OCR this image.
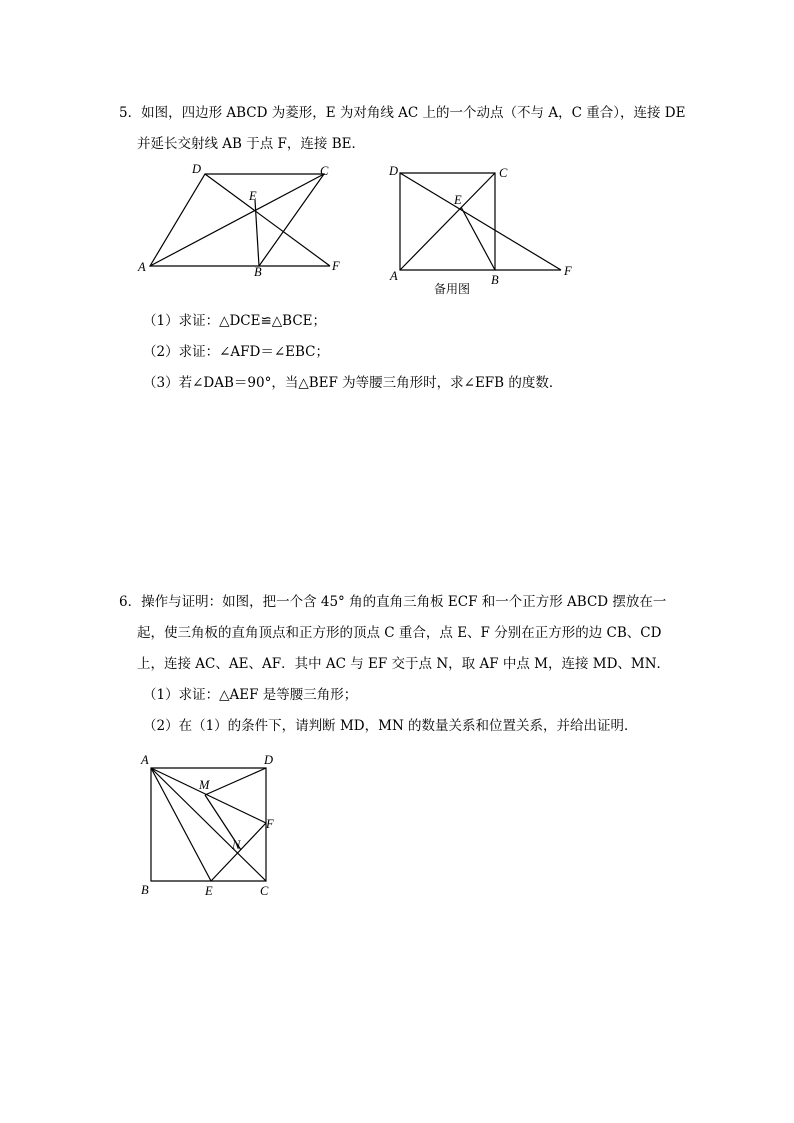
5．如图，四边形 ABCD 为菱形，E 为对角线 AC 上的一个动点（不与 A，C 重合），连接 DE
并延长交射线 AB 于点 F，连接 BE．
A	B
C
D
E
F
A	B
C
D
E
F
备用图
（1）求证：△DCE≌△BCE；
（2）求证：∠AFD＝∠EBC；
（3）若∠DAB＝90°，当△BEF 为等腰三角形时，求∠EFB 的度数．
6．操作与证明：如图，把一个含 45° 角的直角三角板 ECF 和一个正方形 ABCD 摆放在一
起，使三角板的直角顶点和正方形的顶点 C 重合，点 E、F 分别在正方形的边 CB、CD
上，连接 AC、AE、AF．其中 AC 与 EF 交于点 N，取 AF 中点 M，连接 MD、MN．
（1）求证：△AEF 是等腰三角形；
（2）在（1）的条件下，请判断 MD，MN 的数量关系和位置关系，并给出证明．
A
B	C
D
E
F
M
N
